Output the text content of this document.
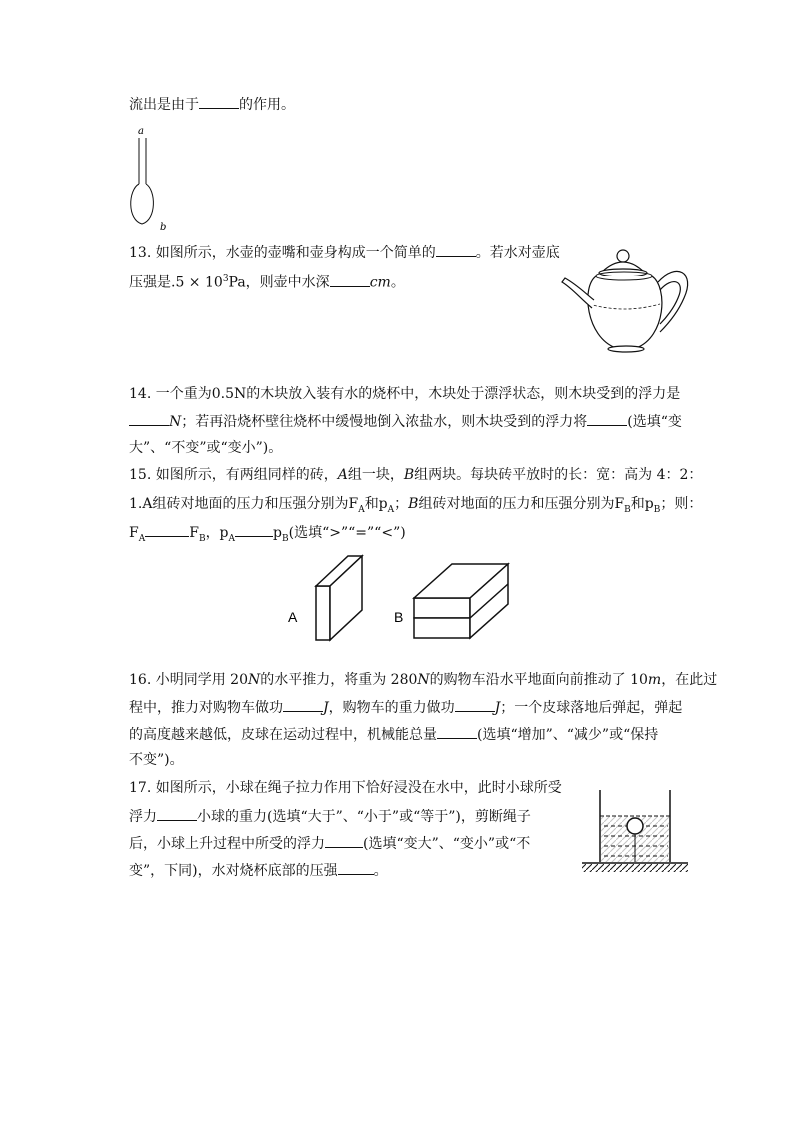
流出是由于	的作用。
a
b
13. 如图所示，水壶的壶嘴和壶身构成一个简单的	。若水对壶底
压强是$.5 \times 10^3Pa$，则壶中水深	cm。
14. 一个重为0.5N的木块放入装有水的烧杯中，木块处于漂浮状态，则木块受到的浮力是
N；若再沿烧杯壁往烧杯中缓慢地倒入浓盐水，则木块受到的浮力将	(选填“变
大”、“不变”或“变小”)。
15. 如图所示，有两组同样的砖，A组一块，B组两块。每块砖平放时的长：宽：高为 4：2：
1.A组砖对地面的压力和压强分别为$F_A$和$p_A$；B组砖对地面的压力和压强分别为$F_B$和$p_B$；则：
$F_A$	$F_B$，$p_A$	$p_B$(选填“>”“=”“<”)
A	B
16. 小明同学用 20N的水平推力，将重为 280N的购物车沿水平地面向前推动了 10m，在此过
程中，推力对购物车做功	J，购物车的重力做功	J；一个皮球落地后弹起，弹起
的高度越来越低，皮球在运动过程中，机械能总量	(选填“增加”、“减少”或“保持
不变”)。
17. 如图所示，小球在绳子拉力作用下恰好浸没在水中，此时小球所受
浮力	小球的重力(选填“大于”、“小于”或“等于”)，剪断绳子
后，小球上升过程中所受的浮力	(选填“变大”、“变小”或“不
变”，下同)，水对烧杯底部的压强	。
